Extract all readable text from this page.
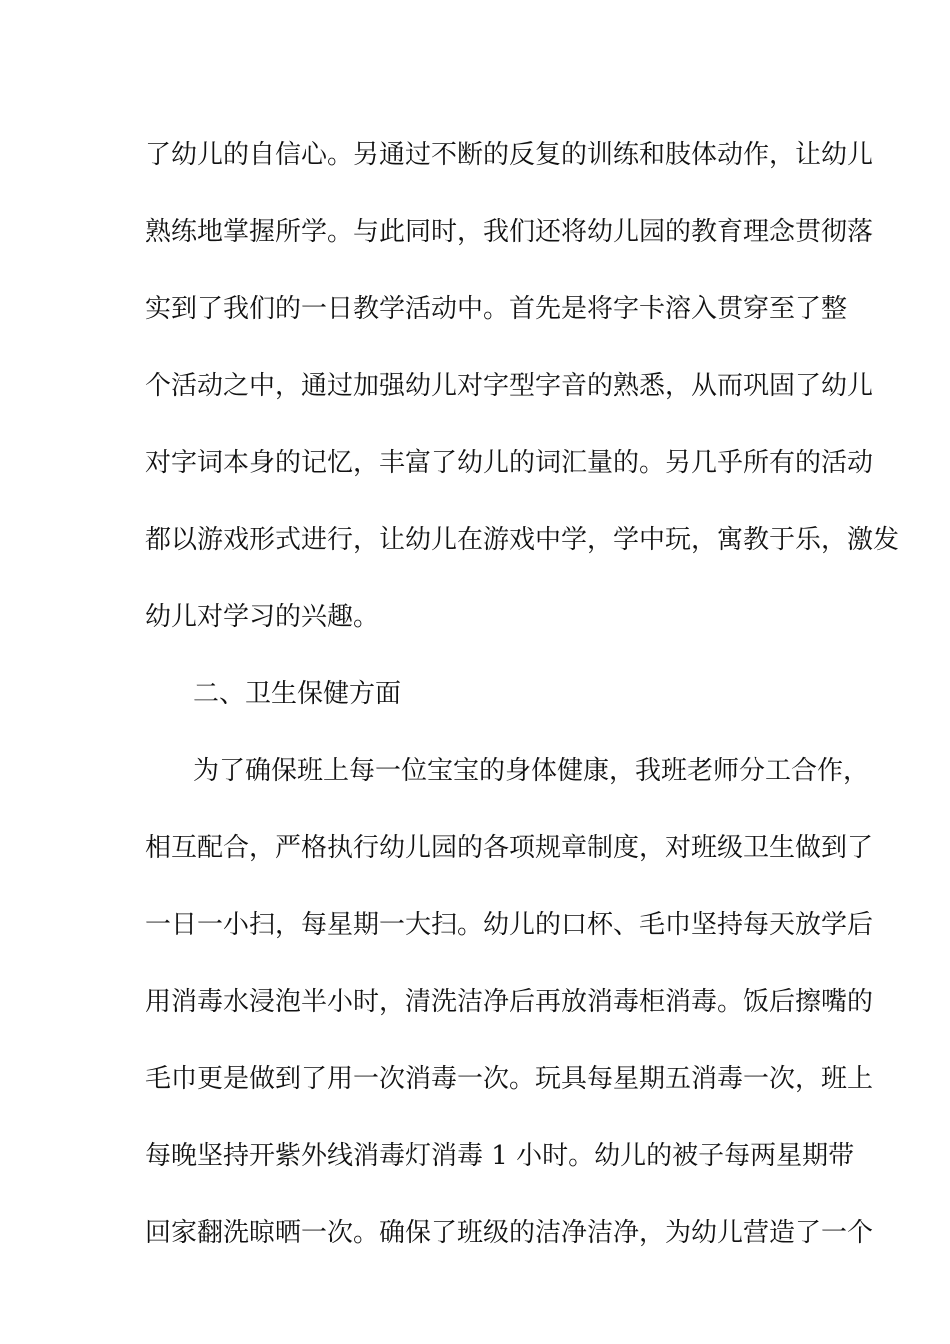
了幼儿的自信心。另通过不断的反复的训练和肢体动作，让幼儿
熟练地掌握所学。与此同时，我们还将幼儿园的教育理念贯彻落
实到了我们的一日教学活动中。首先是将字卡溶入贯穿至了整
个活动之中，通过加强幼儿对字型字音的熟悉，从而巩固了幼儿
对字词本身的记忆，丰富了幼儿的词汇量的。另几乎所有的活动
都以游戏形式进行，让幼儿在游戏中学，学中玩，寓教于乐，激发
幼儿对学习的兴趣。
二、卫生保健方面
为了确保班上每一位宝宝的身体健康，我班老师分工合作，
相互配合，严格执行幼儿园的各项规章制度，对班级卫生做到了
一日一小扫，每星期一大扫。幼儿的口杯、毛巾坚持每天放学后
用消毒水浸泡半小时，清洗洁净后再放消毒柜消毒。饭后擦嘴的
毛巾更是做到了用一次消毒一次。玩具每星期五消毒一次，班上
每晚坚持开紫外线消毒灯消毒 1 小时。幼儿的被子每两星期带
回家翻洗晾晒一次。确保了班级的洁净洁净，为幼儿营造了一个
